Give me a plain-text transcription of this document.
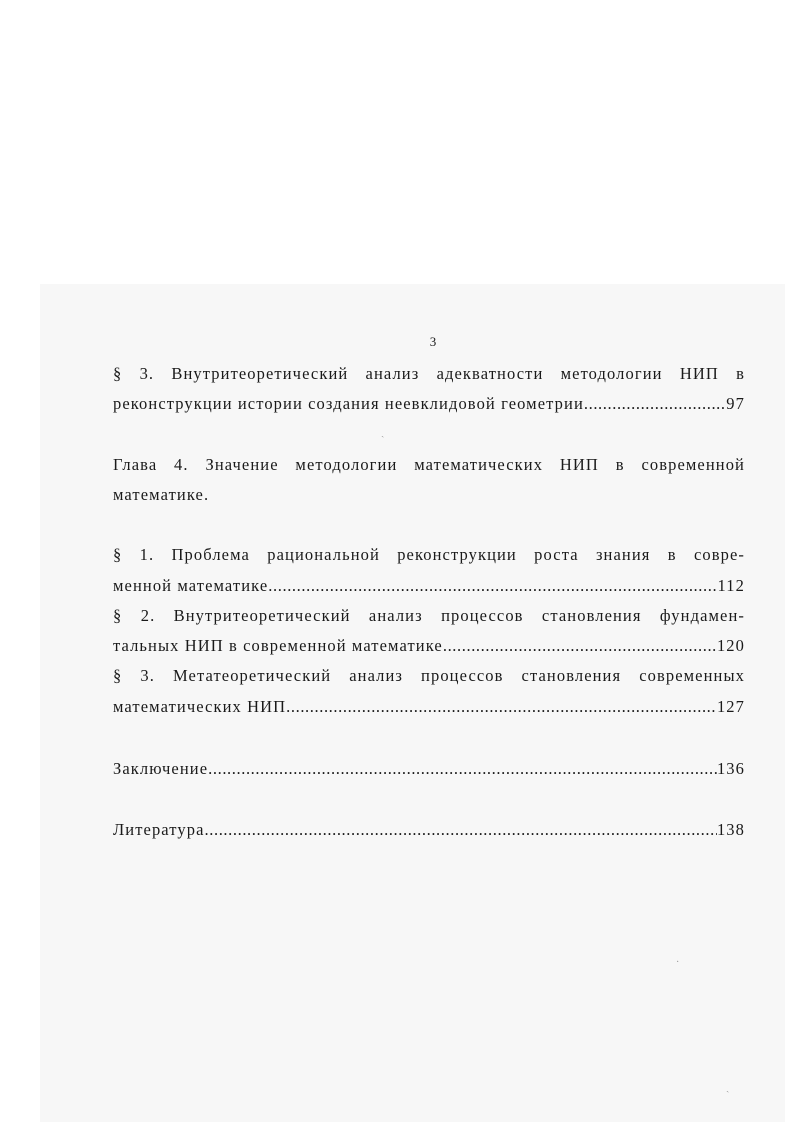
3
§ 3. Внутритеоретический анализ адекватности методологии НИП в
реконструкции истории создания неевклидовой геометрии .....	97
ˏ
Глава 4. Значение методологии математических НИП в современной
математике.
§ 1. Проблема рациональной реконструкции роста знания в совре-
менной математике .....	112
§ 2. Внутритеоретический анализ процессов становления фундамен-
тальных НИП в современной математике .....	120
§ 3. Метатеоретический анализ процессов становления современных
математических НИП .....	127
Заключение .....	136
Литература .....	138
·
ˏ
